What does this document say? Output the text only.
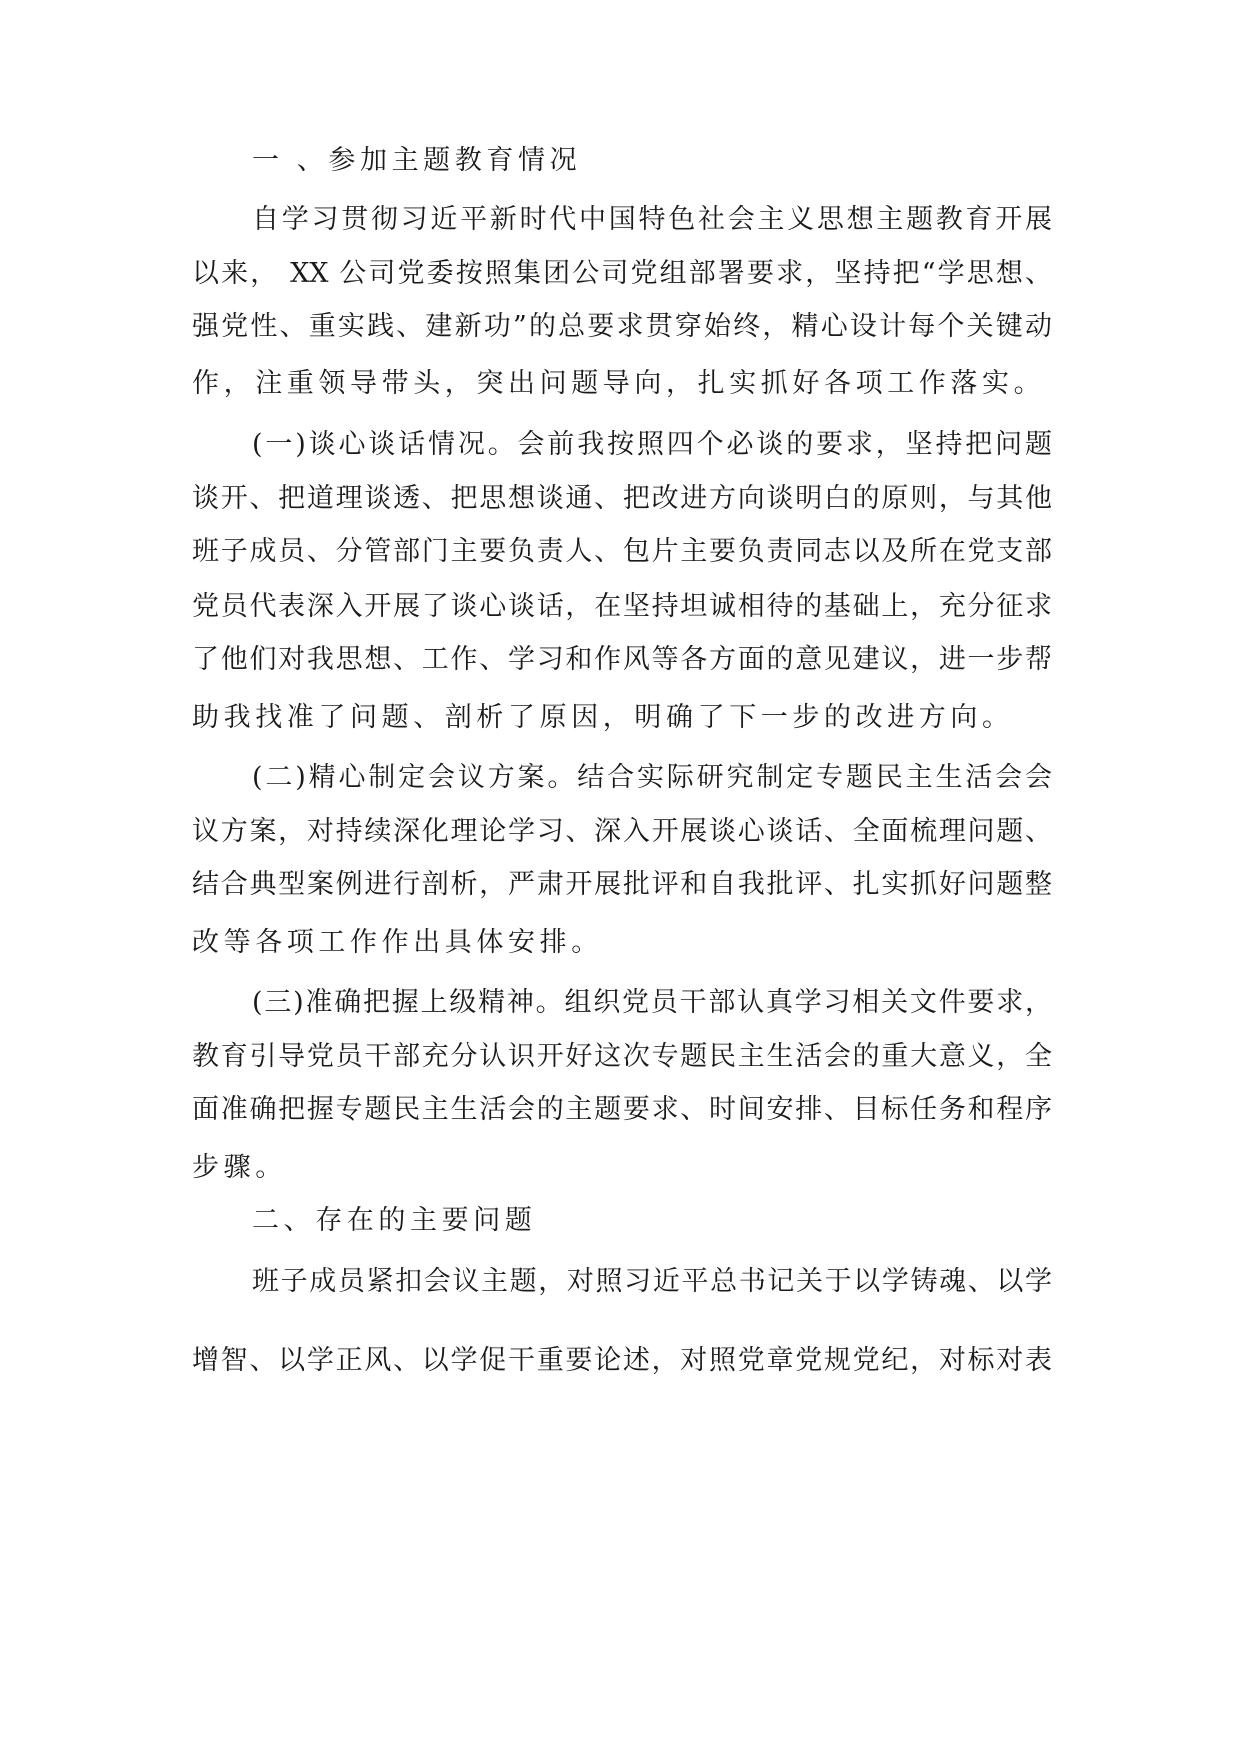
一 、参加主题教育情况
自学习贯彻习近平新时代中国特色社会主义思想主题教育开展
以来， XX 公司党委按照集团公司党组部署要求，坚持把“学思想、
强党性、重实践、建新功”的总要求贯穿始终，精心设计每个关键动
作，注重领导带头，突出问题导向，扎实抓好各项工作落实。
(一)谈心谈话情况。会前我按照四个必谈的要求，坚持把问题
谈开、把道理谈透、把思想谈通、把改进方向谈明白的原则，与其他
班子成员、分管部门主要负责人、包片主要负责同志以及所在党支部
党员代表深入开展了谈心谈话，在坚持坦诚相待的基础上，充分征求
了他们对我思想、工作、学习和作风等各方面的意见建议，进一步帮
助我找准了问题、剖析了原因，明确了下一步的改进方向。
(二)精心制定会议方案。结合实际研究制定专题民主生活会会
议方案，对持续深化理论学习、深入开展谈心谈话、全面梳理问题、
结合典型案例进行剖析，严肃开展批评和自我批评、扎实抓好问题整
改等各项工作作出具体安排。
(三)准确把握上级精神。组织党员干部认真学习相关文件要求，
教育引导党员干部充分认识开好这次专题民主生活会的重大意义，全
面准确把握专题民主生活会的主题要求、时间安排、目标任务和程序
步骤。
二、存在的主要问题
班子成员紧扣会议主题，对照习近平总书记关于以学铸魂、以学
增智、以学正风、以学促干重要论述，对照党章党规党纪，对标对表
